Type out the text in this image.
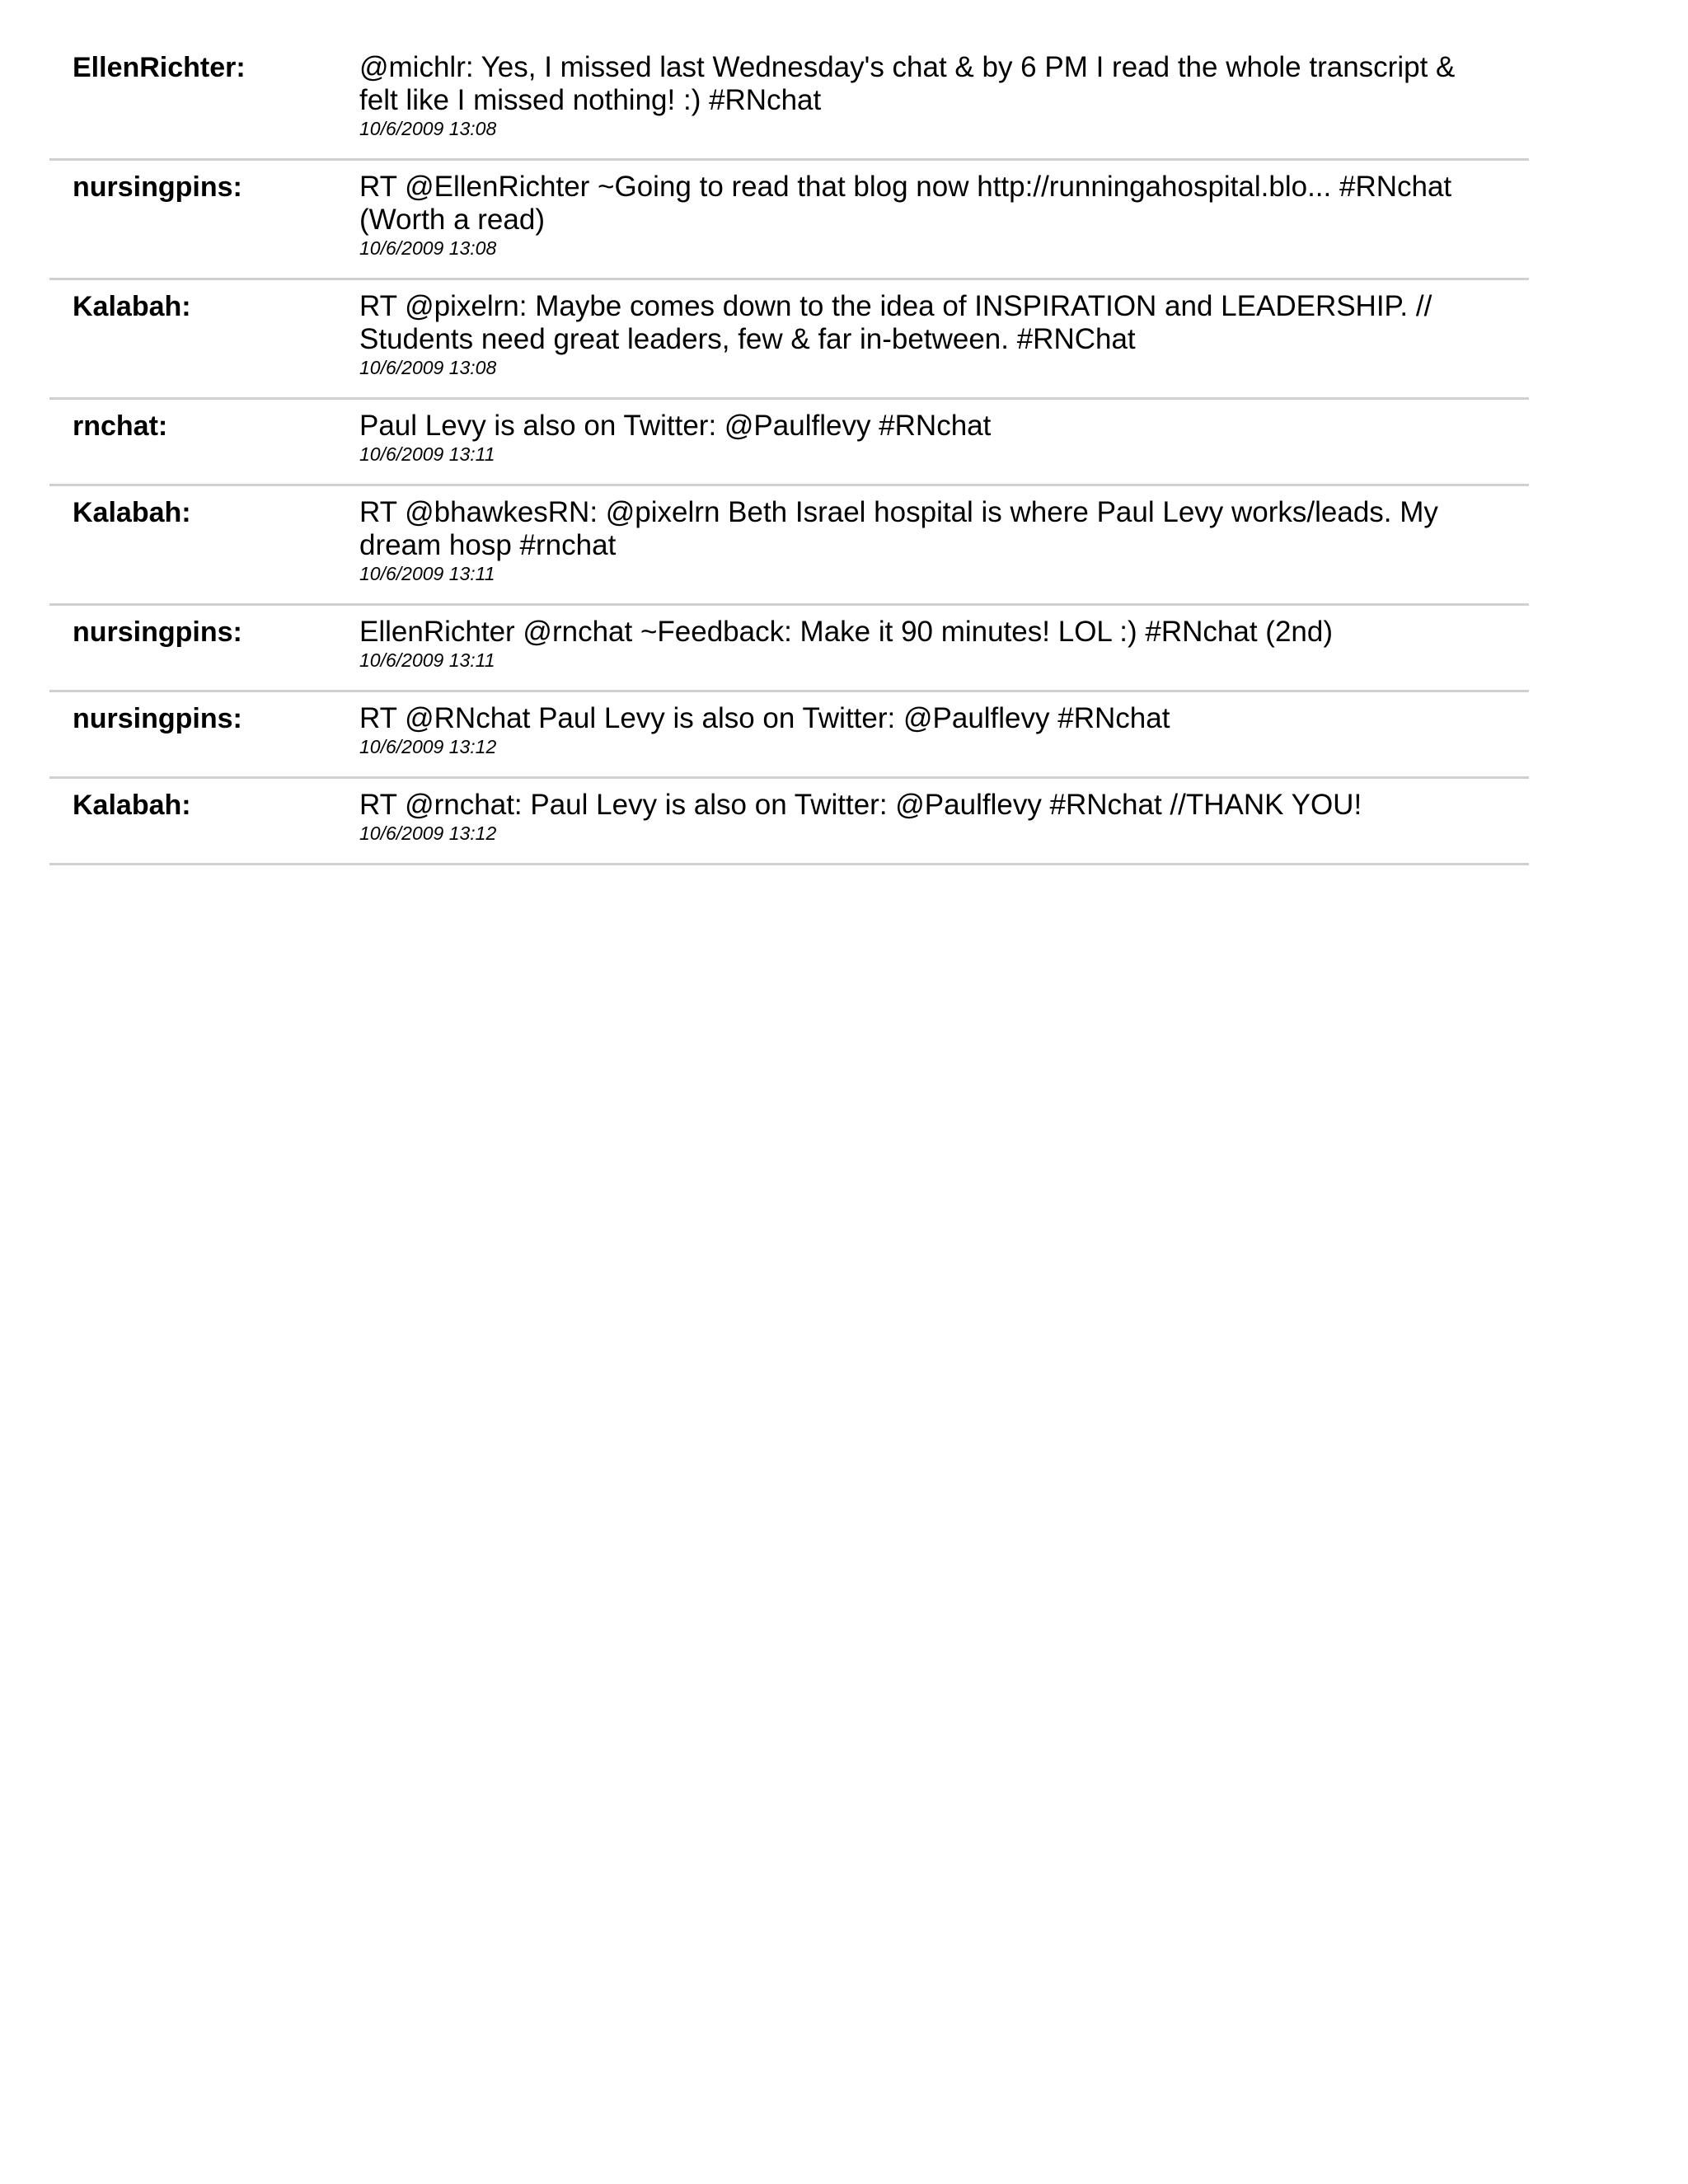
EllenRichter:	@michlr: Yes, I missed last Wednesday's chat & by 6 PM I read the whole transcript & felt like I missed nothing! :) #RNchat
10/6/2009 13:08
nursingpins:	RT @EllenRichter ~Going to read that blog now http://runningahospital.blo... #RNchat (Worth a read)
10/6/2009 13:08
Kalabah:	RT @pixelrn: Maybe comes down to the idea of INSPIRATION and LEADERSHIP. // Students need great leaders, few & far in-between. #RNChat
10/6/2009 13:08
rnchat:	Paul Levy is also on Twitter: @Paulflevy #RNchat
10/6/2009 13:11
Kalabah:	RT @bhawkesRN: @pixelrn Beth Israel hospital is where Paul Levy works/leads. My dream hosp #rnchat
10/6/2009 13:11
nursingpins:	EllenRichter @rnchat ~Feedback: Make it 90 minutes! LOL :) #RNchat (2nd)
10/6/2009 13:11
nursingpins:	RT @RNchat Paul Levy is also on Twitter: @Paulflevy #RNchat
10/6/2009 13:12
Kalabah:	RT @rnchat: Paul Levy is also on Twitter: @Paulflevy #RNchat //THANK YOU!
10/6/2009 13:12
